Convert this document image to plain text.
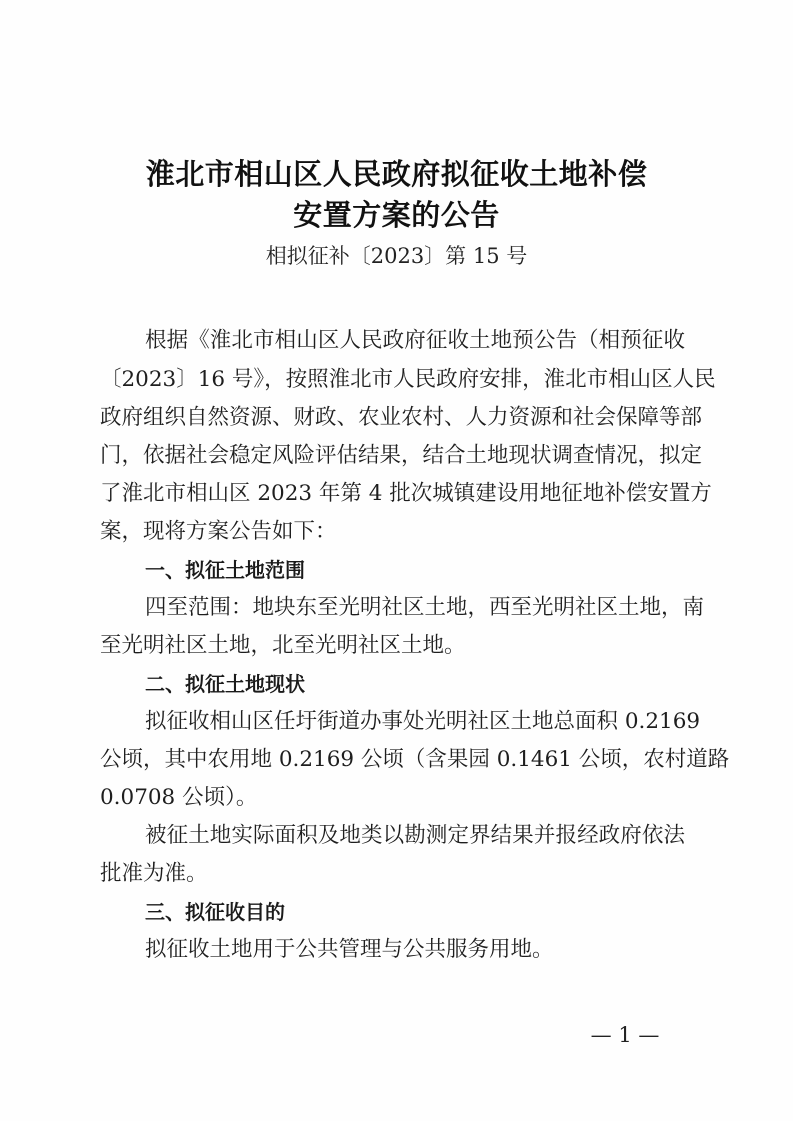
淮北市相山区人民政府拟征收土地补偿
安置方案的公告
相拟征补〔2023〕第 15 号
根据《淮北市相山区人民政府征收土地预公告（相预征收
〔2023〕16 号》，按照淮北市人民政府安排，淮北市相山区人民
政府组织自然资源、财政、农业农村、人力资源和社会保障等部
门，依据社会稳定风险评估结果，结合土地现状调查情况，拟定
了淮北市相山区 2023 年第 4 批次城镇建设用地征地补偿安置方
案，现将方案公告如下：
一、拟征土地范围
四至范围：地块东至光明社区土地，西至光明社区土地，南
至光明社区土地，北至光明社区土地。
二、拟征土地现状
拟征收相山区任圩街道办事处光明社区土地总面积 0.2169
公顷，其中农用地 0.2169 公顷（含果园 0.1461 公顷，农村道路
0.0708 公顷）。
被征土地实际面积及地类以勘测定界结果并报经政府依法
批准为准。
三、拟征收目的
拟征收土地用于公共管理与公共服务用地。
— 1 —
